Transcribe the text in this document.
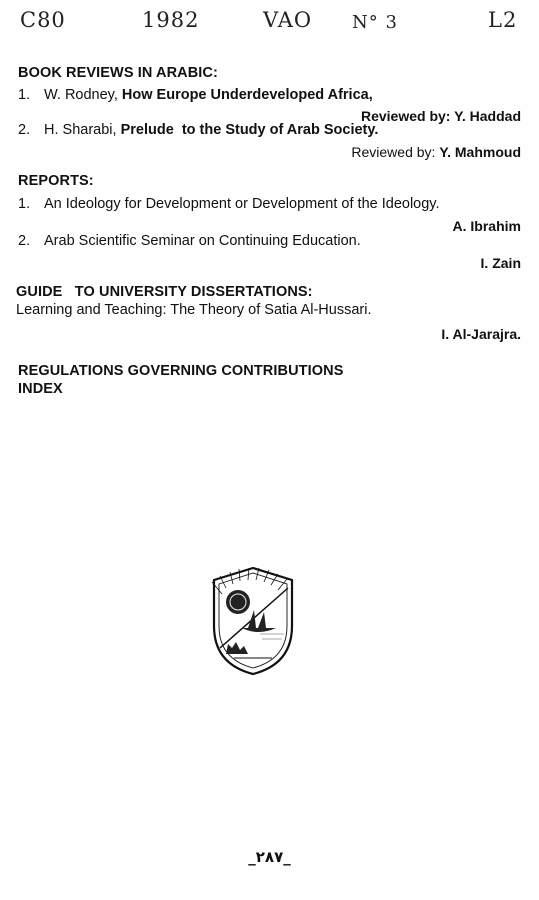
C80	1982	VAO N° 3	L2
BOOK REVIEWS IN ARABIC:
1. W. Rodney, How Europe Underdeveloped Africa,
Reviewed by: Y. Haddad
2. H. Sharabi, Prelude  to the Study of Arab Society.
Reviewed by: Y. Mahmoud
REPORTS:
1. An Ideology for Development or Development of the Ideology.
A. Ibrahim
2. Arab Scientific Seminar on Continuing Education.
I. Zain
GUIDE   TO UNIVERSITY DISSERTATIONS:
Learning and Teaching: The Theory of Satia Al-Hussari.
I. Al-Jarajra.
REGULATIONS GOVERNING CONTRIBUTIONS
INDEX
_٢٨٧_
